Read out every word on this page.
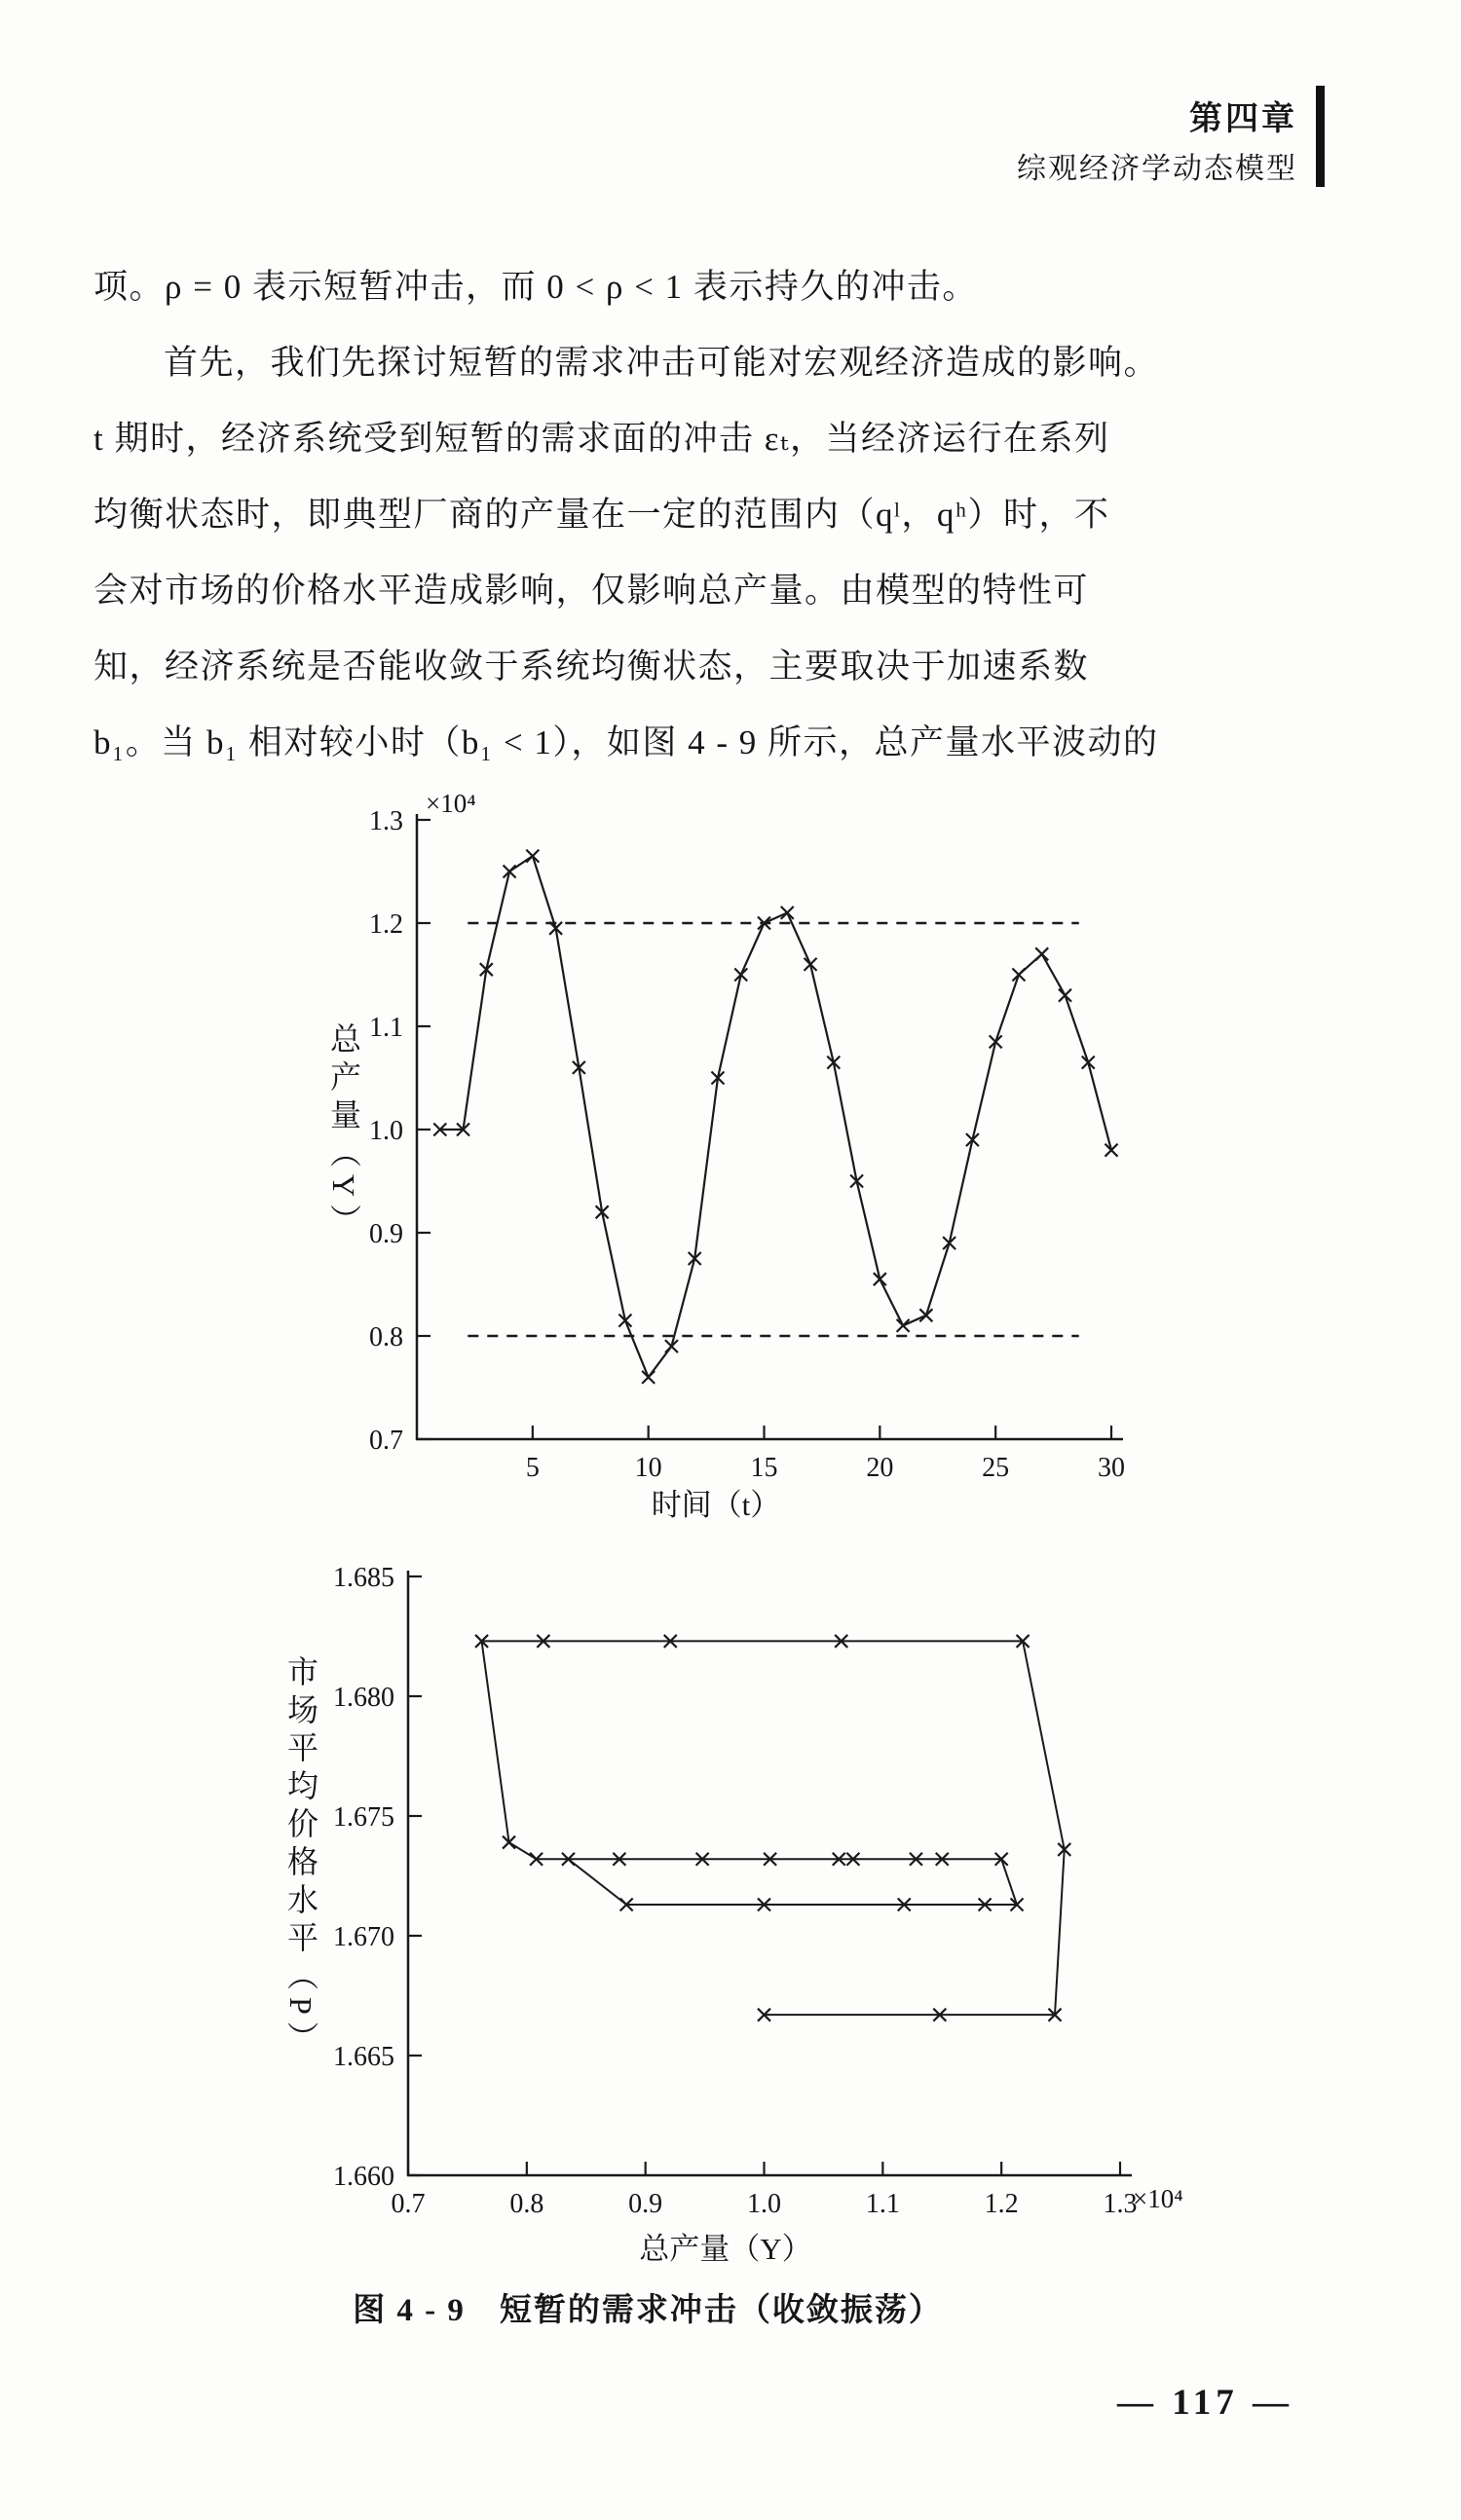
第四章
综观经济学动态模型
项。ρ = 0 表示短暂冲击，而 0 < ρ < 1 表示持久的冲击。
首先，我们先探讨短暂的需求冲击可能对宏观经济造成的影响。
t 期时，经济系统受到短暂的需求面的冲击 εₜ，当经济运行在系列
均衡状态时，即典型厂商的产量在一定的范围内（qˡ，qʰ）时，不
会对市场的价格水平造成影响，仅影响总产量。由模型的特性可
知，经济系统是否能收敛于系统均衡状态，主要取决于加速系数
b₁。当 b₁ 相对较小时（b₁ < 1），如图 4 - 9 所示，总产量水平波动的
0.7
0.8
0.9
1.0
1.1
1.2
1.3
5	10	15	20	25	30
1.660
1.665
1.670
1.675
1.680
1.685
0.7	0.8	0.9	1.0	1.1	1.2	1.3
×10⁴
总产量（Y）
时间（t）
市场平均价格水平（P）
总产量（Y）
×10⁴
图 4 - 9　短暂的需求冲击（收敛振荡）
— 117 —
